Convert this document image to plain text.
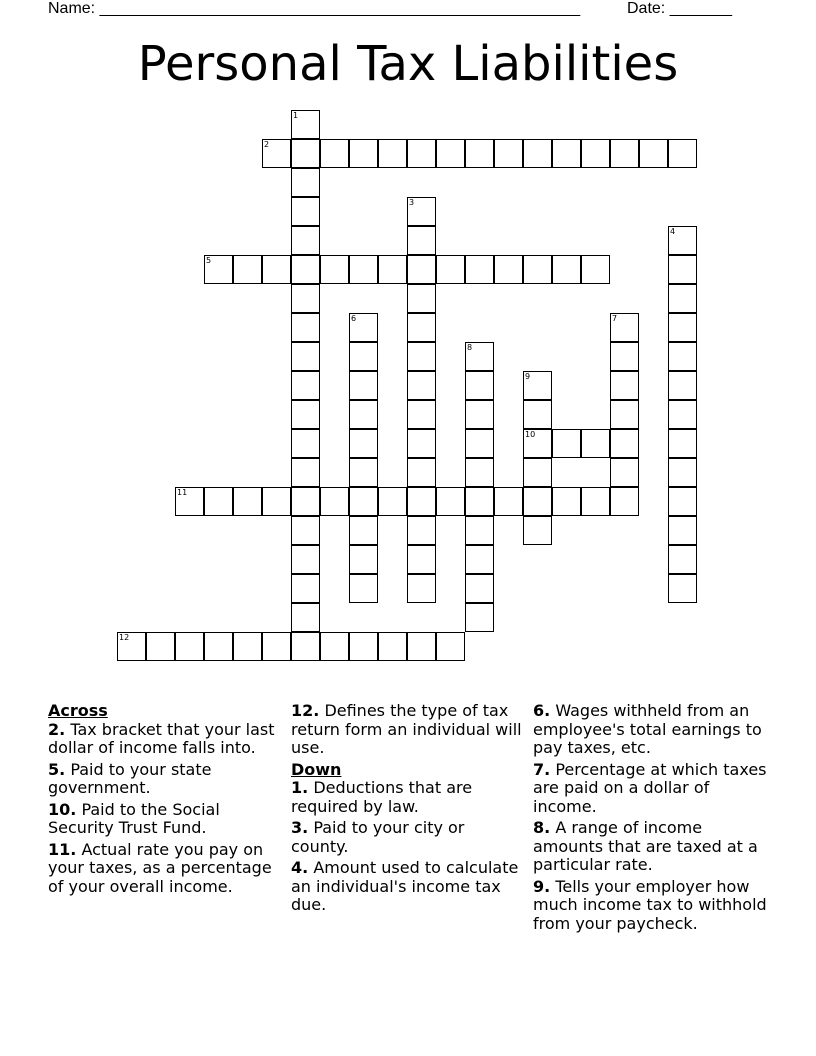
Name: ______________________________________________________	Date: _______
Personal Tax Liabilities
1
2
3
4
5
6	7
8
9
10
11
12
Across
2. Tax bracket that your last dollar of income falls into.
5. Paid to your state government.
10. Paid to the Social Security Trust Fund.
11. Actual rate you pay on your taxes, as a percentage of your overall income.
12. Defines the type of tax return form an individual will use.
Down
1. Deductions that are required by law.
3. Paid to your city or county.
4. Amount used to calculate an individual's income tax due.
6. Wages withheld from an employee's total earnings to pay taxes, etc.
7. Percentage at which taxes are paid on a dollar of income.
8. A range of income amounts that are taxed at a particular rate.
9. Tells your employer how much income tax to withhold from your paycheck.
